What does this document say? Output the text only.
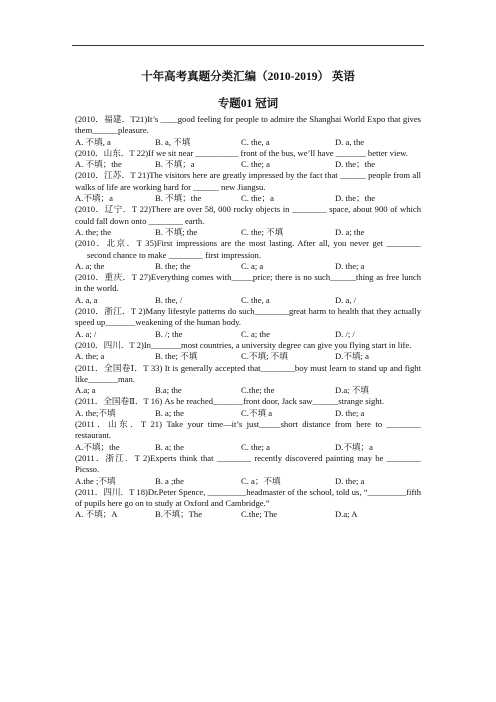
十年高考真题分类汇编（2010-2019） 英语
专题01 冠词
(2010．福建．T21)It’s ____good feeling for people to admire the Shanghai World Expo that gives them______pleasure.
A. 不填, a	B. a, 不填	C. the, a	D. a, the
(2010．山东．T 22)If we sit near __________ front of the bus, we’ll have _______ better view.
A. 不填；the	B. 不填；a	C. the; a	D. the；the
(2010．江苏．T 21)The visitors here are greatly impressed by the fact that ______ people from all walks of life are working hard for ______ new Jiangsu.
A.不填；a	B. 不填；the	C. the；a	D. the；the
(2010．辽宁．T 22)There are over 58, 000 rocky objects in ________ space, about 900 of which could fall down onto ________ earth.
A. the; the	B. 不填; the	C. the; 不填	D. a; the
(2010．北京．T 35)First impressions are the most lasting. After all, you never get ________ second chance to make ________ first impression.
A. a; the	B. the; the	C. a; a	D. the; a
(2010．重庆．T 27)Everything comes with_____price; there is no such______thing as free lunch in the world.
A. a, a	B. the, /	C. the, a	D. a, /
(2010．浙江．T 2)Many lifestyle patterns do such________great harm to health that they actually speed up_______weakening of the human body.
A. a; /	B. /; the	C. a; the	D. /; /
(2010．四川．T 2)In_______most countries, a university degree can give you flying start in life.
A. the; a	B. the; 不填	C.不填; 不填	D.不填; a
(2011．全国卷Ⅰ．T 33) It is generally accepted that________boy must learn to stand up and fight like_______man.
A.a; a	B.a; the	C.the; the	D.a; 不填
(2011．全国卷Ⅱ．T 16) As he reached_______front door, Jack saw______strange sight.
A. the;不填	B. a; the	C.不填 a	D. the; a
(2011．山东．T 21) Take your time—it’s just_____short distance from here to ________ restaurant.
A.不填；the	B. a; the	C. the; a	D.不填；a
(2011．浙江．T 2)Experts think that ________ recently discovered painting may be ________ Picsso.
A.the ;不填	B. a ;the	C. a；不填	D. the; a
(2011．四川．T 18)Dr.Peter Spence, _________headmaster of the school, told us, “_________fifth of pupils here go on to study at Oxford and Cambridge.”
A. 不填；A	B.不填；The	C.the; The	D.a; A
